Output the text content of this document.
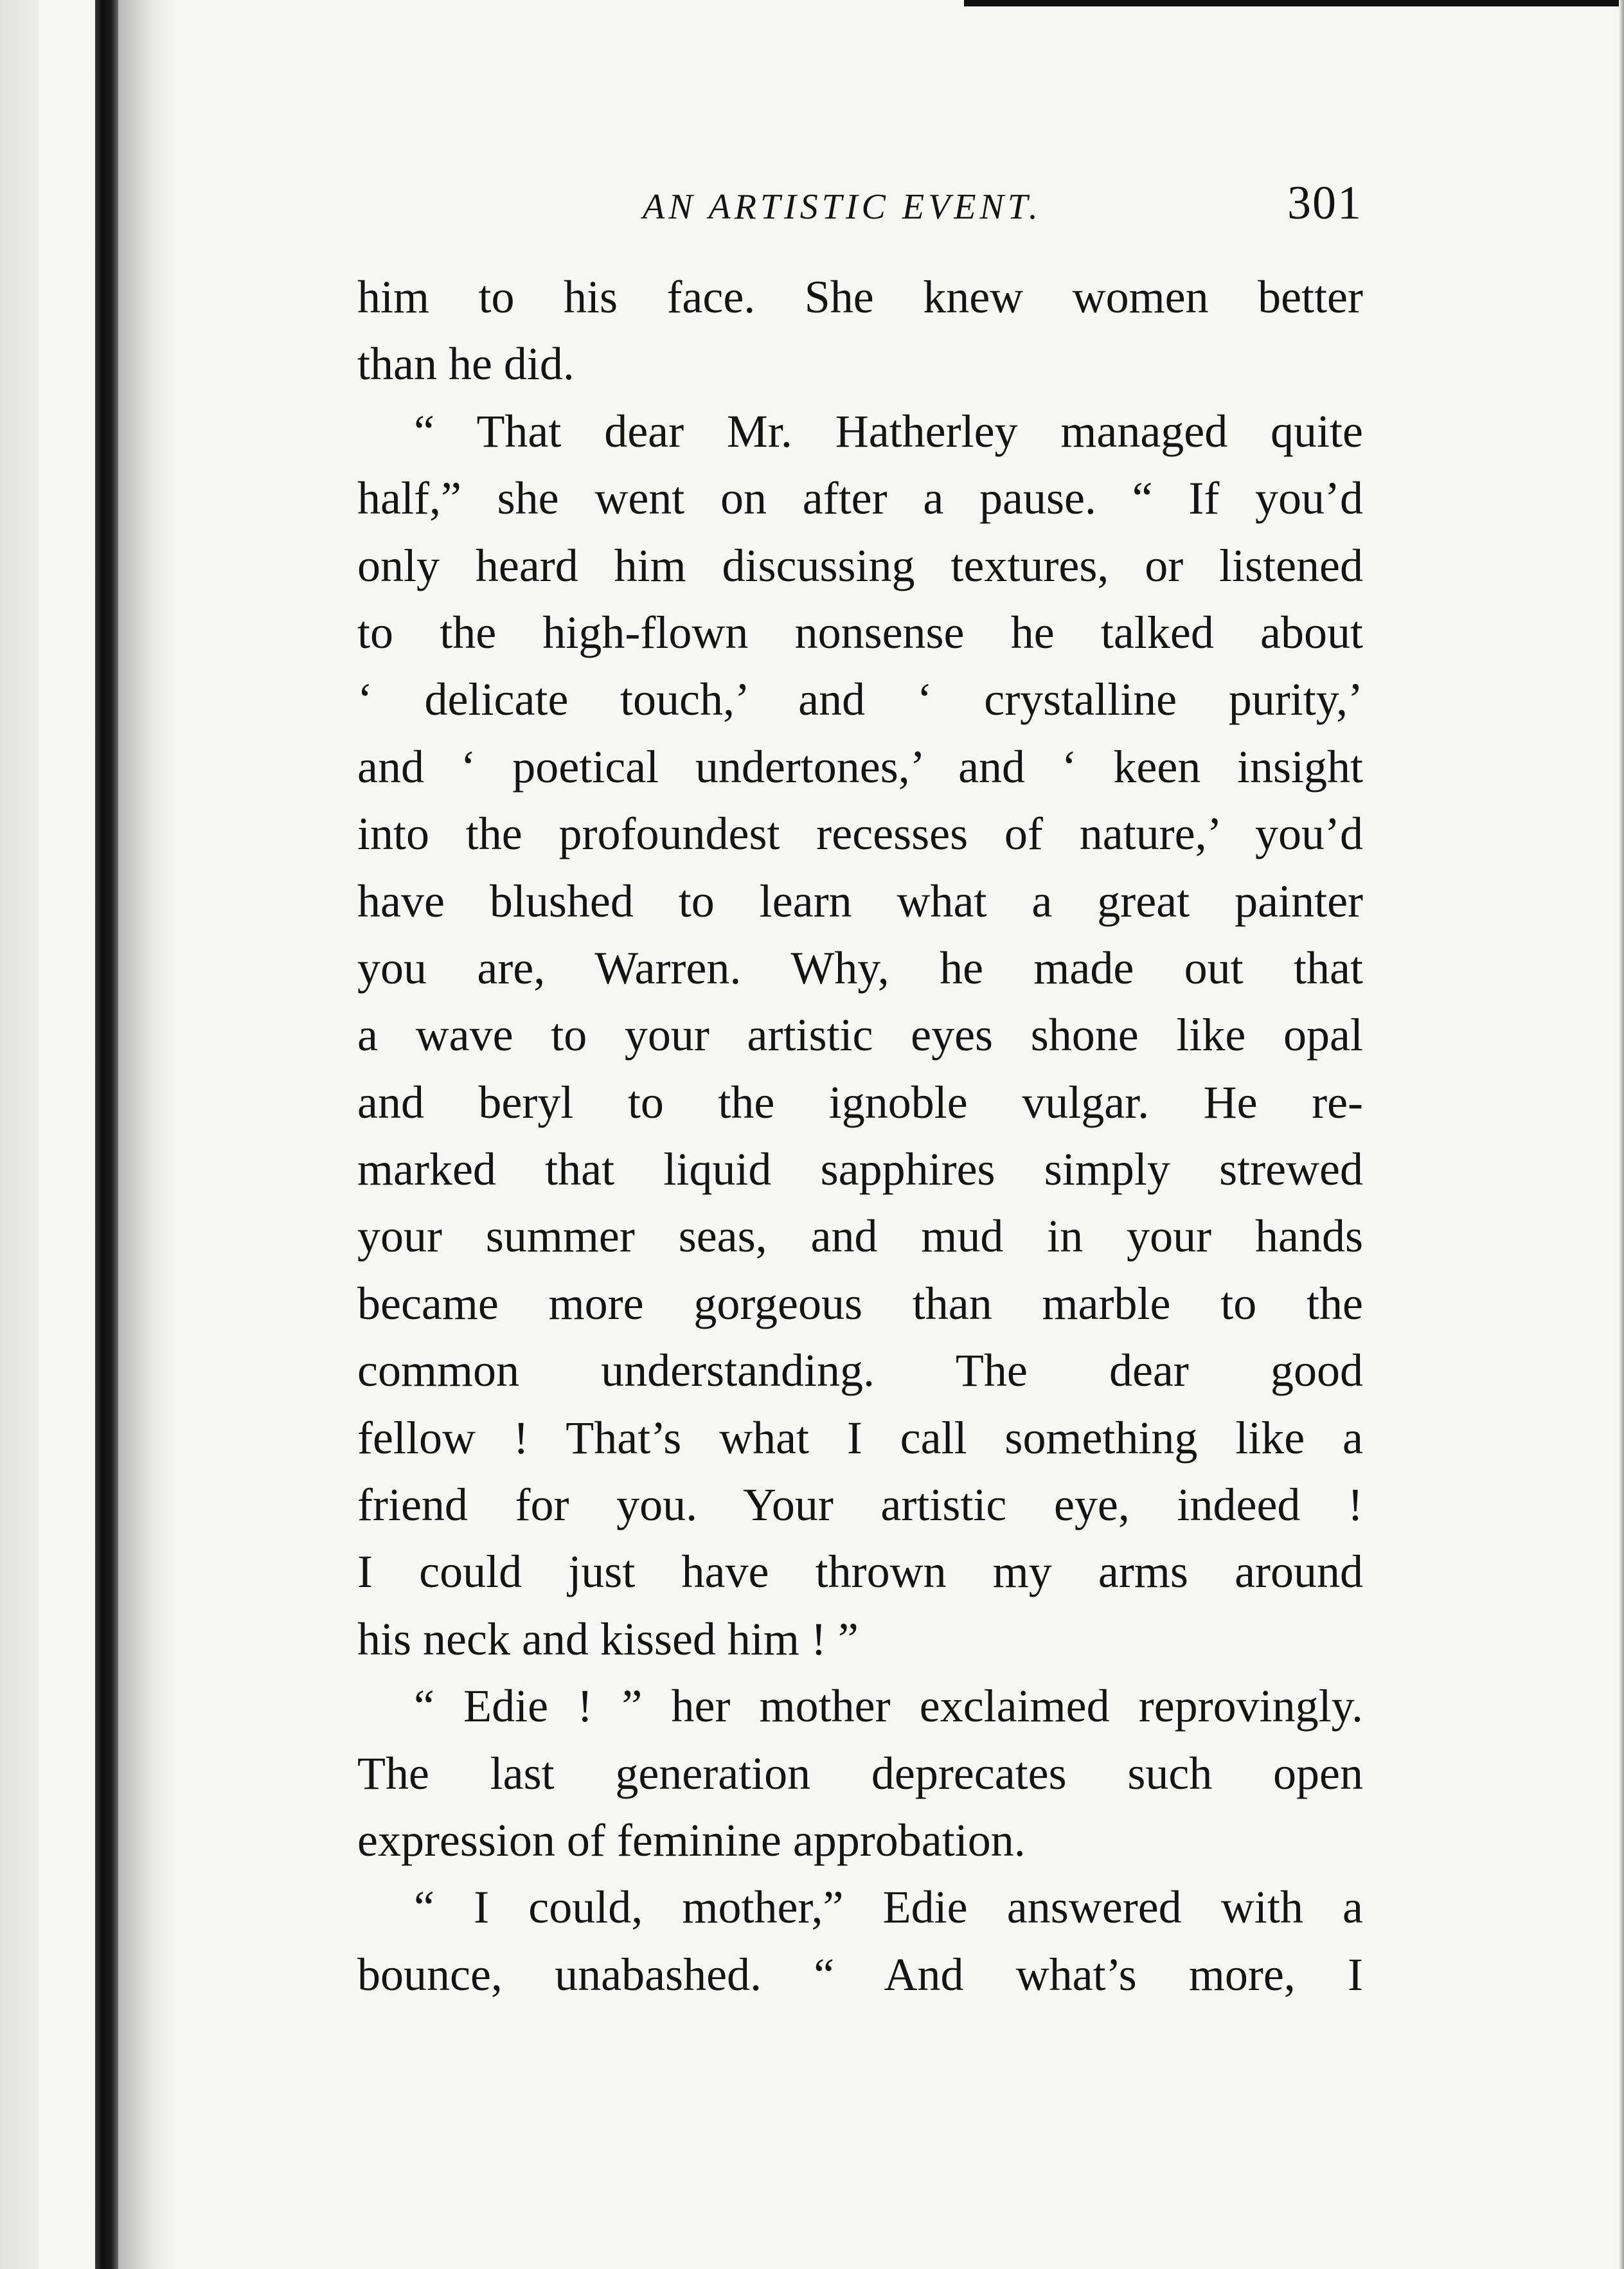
AN ARTISTIC EVENT.	301
him to his face. She knew women better
than he did.
“ That dear Mr. Hatherley managed quite
half,” she went on after a pause. “ If you’d
only heard him discussing textures, or listened
to the high-flown nonsense he talked about
‘ delicate touch,’ and ‘ crystalline purity,’
and ‘ poetical undertones,’ and ‘ keen insight
into the profoundest recesses of nature,’ you’d
have blushed to learn what a great painter
you are, Warren. Why, he made out that
a wave to your artistic eyes shone like opal
and beryl to the ignoble vulgar. He re-
marked that liquid sapphires simply strewed
your summer seas, and mud in your hands
became more gorgeous than marble to the
common understanding. The dear good
fellow ! That’s what I call something like a
friend for you. Your artistic eye, indeed !
I could just have thrown my arms around
his neck and kissed him ! ”
“ Edie ! ” her mother exclaimed reprovingly.
The last generation deprecates such open
expression of feminine approbation.
“ I could, mother,” Edie answered with a
bounce, unabashed. “ And what’s more, I
